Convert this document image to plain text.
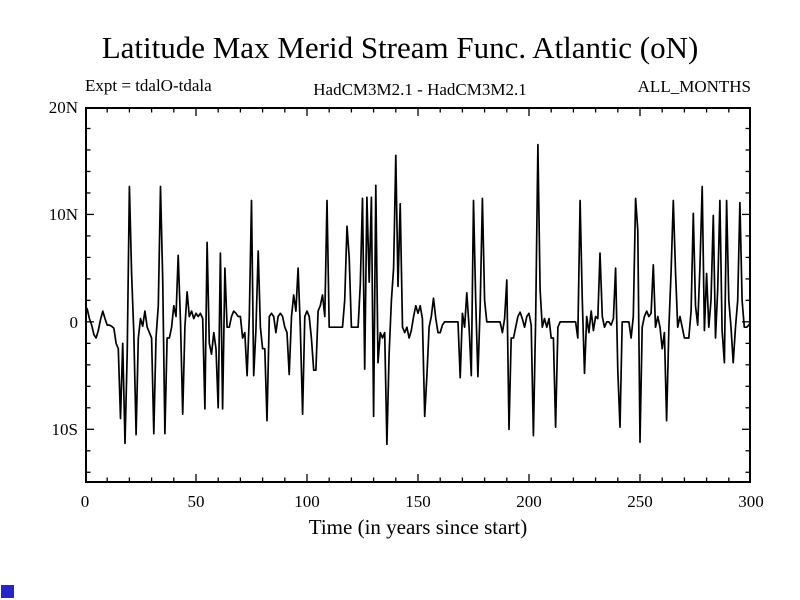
Latitude Max Merid Stream Func. Atlantic (oN)
Expt = tdalO-tdala	HadCM3M2.1 - HadCM3M2.1	ALL_MONTHS
20N
10N
0
10S
0	50	100	150	200	250	300
Time (in years since start)
